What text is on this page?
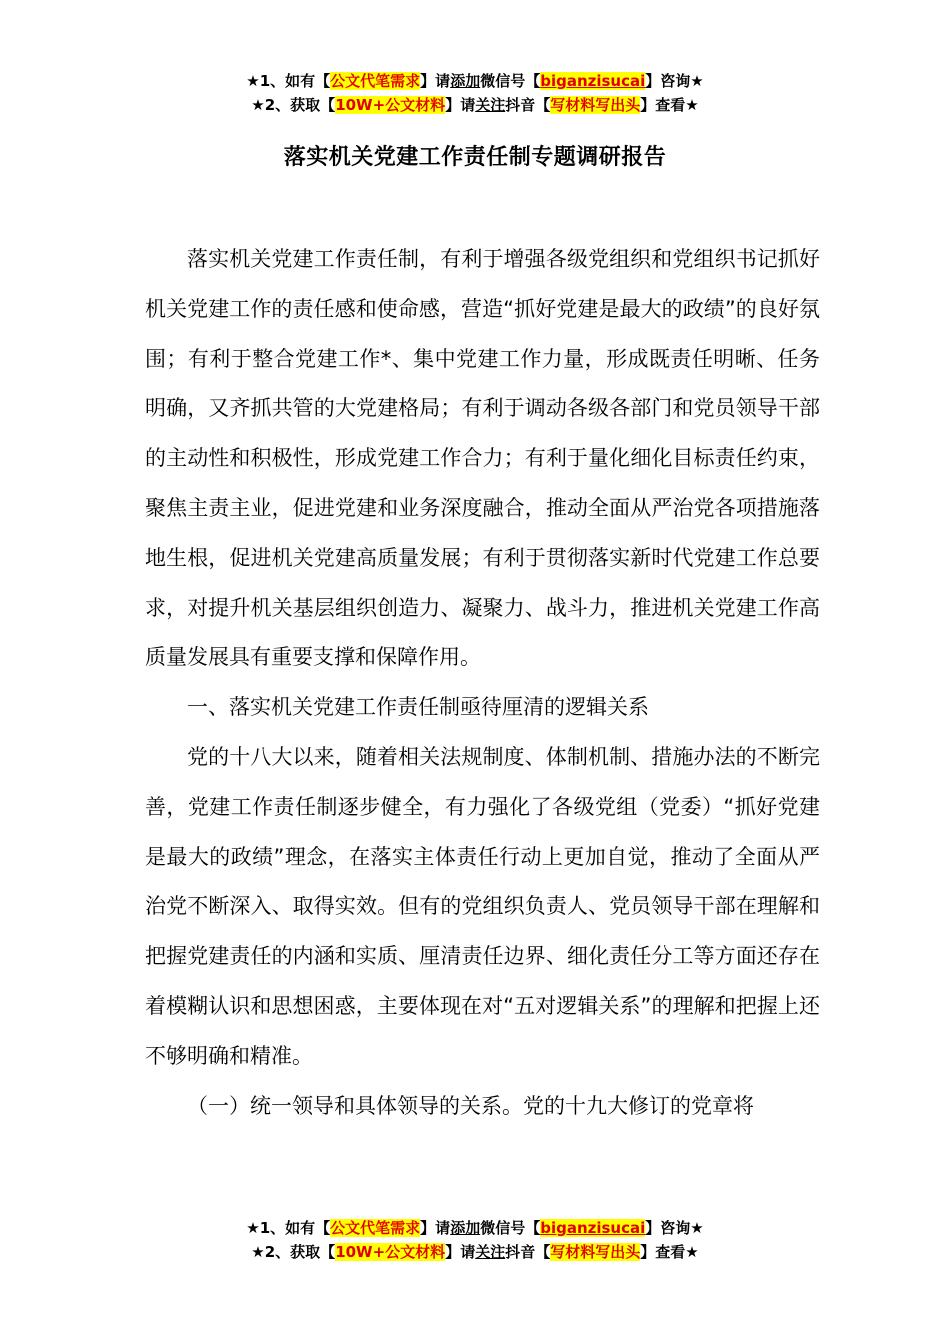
★1、如有【公文代笔需求】请添加微信号【biganzisucai】咨询★
★2、获取【10W+公文材料】请关注抖音【写材料写出头】查看★
落实机关党建工作责任制专题调研报告

落实机关党建工作责任制，有利于增强各级党组织和党组织书记抓好机关党建工作的责任感和使命感，营造“抓好党建是最大的政绩”的良好氛围；有利于整合党建工作*、集中党建工作力量，形成既责任明晰、任务明确，又齐抓共管的大党建格局；有利于调动各级各部门和党员领导干部的主动性和积极性，形成党建工作合力；有利于量化细化目标责任约束，聚焦主责主业，促进党建和业务深度融合，推动全面从严治党各项措施落地生根，促进机关党建高质量发展；有利于贯彻落实新时代党建工作总要求，对提升机关基层组织创造力、凝聚力、战斗力，推进机关党建工作高质量发展具有重要支撑和保障作用。

一、落实机关党建工作责任制亟待厘清的逻辑关系

党的十八大以来，随着相关法规制度、体制机制、措施办法的不断完善，党建工作责任制逐步健全，有力强化了各级党组（党委）“抓好党建是最大的政绩”理念，在落实主体责任行动上更加自觉，推动了全面从严治党不断深入、取得实效。但有的党组织负责人、党员领导干部在理解和把握党建责任的内涵和实质、厘清责任边界、细化责任分工等方面还存在着模糊认识和思想困惑，主要体现在对“五对逻辑关系”的理解和把握上还不够明确和精准。

（一）统一领导和具体领导的关系。党的十九大修订的党章将

★1、如有【公文代笔需求】请添加微信号【biganzisucai】咨询★
★2、获取【10W+公文材料】请关注抖音【写材料写出头】查看★
